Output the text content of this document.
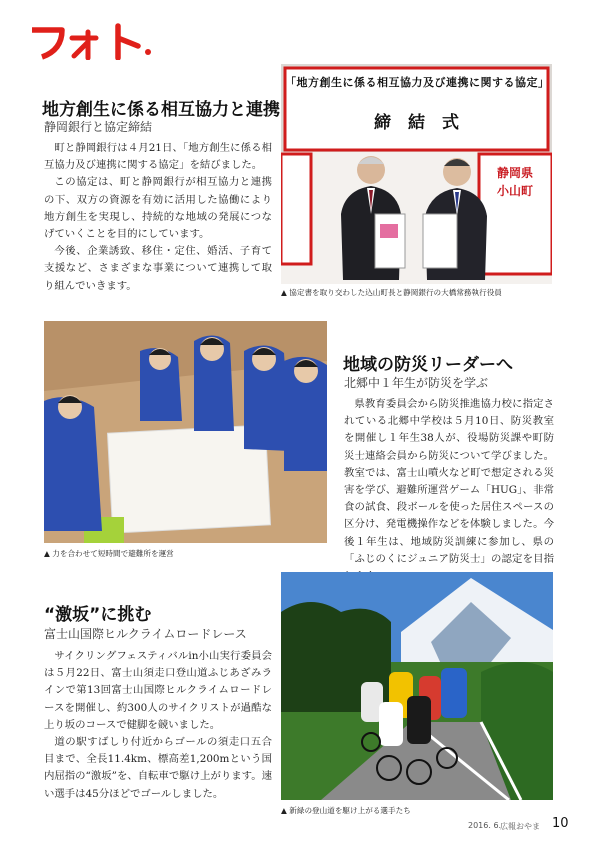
地方創生に係る相互協力と連携
静岡銀行と協定締結

町と静岡銀行は４月21日、「地方創生に係る相互協力及び連携に関する協定」を結びました。

この協定は、町と静岡銀行が相互協力と連携の下、双方の資源を有効に活用した協働により地方創生を実現し、持続的な地域の発展につなげていくことを目的にしています。

今後、企業誘致、移住・定住、婚活、子育て支援など、さまざまな事業について連携して取り組んでいきます。

「地方創生に係る相互協力及び連携に関する協定」
締　結　式
静岡県小山町
▲ 協定書を取り交わした込山町長と静岡銀行の大橋常務執行役員
▲ 力を合わせて短時間で避難所を運営
地域の防災リーダーへ
北郷中１年生が防災を学ぶ

県教育委員会から防災推進協力校に指定されている北郷中学校は５月10日、防災教室を開催し１年生38人が、役場防災課や町防災士連絡会員から防災について学びました。教室では、富士山噴火など町で想定される災害を学び、避難所運営ゲーム「HUG」、非常食の試食、段ボールを使った居住スペースの区分け、発電機操作などを体験しました。今後１年生は、地域防災訓練に参加し、県の「ふじのくにジュニア防災士」の認定を目指

“激坂”に挑む
富士山国際ヒルクライムロードレース

サイクリングフェスティバルin小山実行委員会は５月22日、富士山須走口登山道ふじあざみラインで第13回富士山国際ヒルクライムロードレースを開催し、約300人のサイクリストが過酷な上り坂のコースで健脚を競いました。

道の駅すばしり付近からゴールの須走口五合目まで、全長11.4km、標高差1,200mという国内屈指の“激坂”を、自転車で駆け上がります。速い選手は45分ほどでゴールしました。

▲ 新緑の登山道を駆け上がる選手たち
2016. 6.
広報おやま 10
